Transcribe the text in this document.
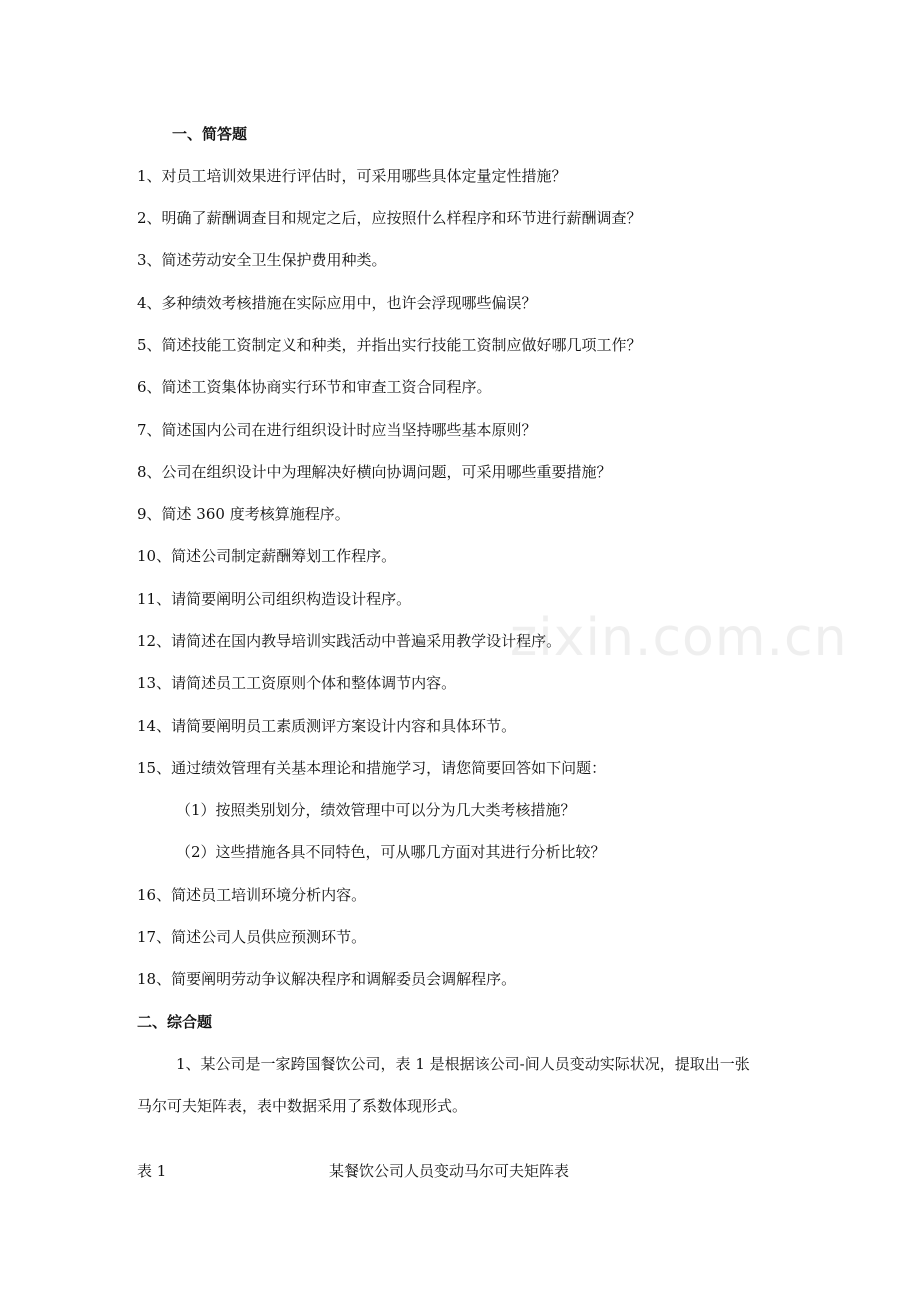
一、简答题
1、对员工培训效果进行评估时，可采用哪些具体定量定性措施？
2、明确了薪酬调查目和规定之后，应按照什么样程序和环节进行薪酬调查？
3、简述劳动安全卫生保护费用种类。
4、多种绩效考核措施在实际应用中，也许会浮现哪些偏误？
5、简述技能工资制定义和种类，并指出实行技能工资制应做好哪几项工作？
6、简述工资集体协商实行环节和审查工资合同程序。
7、简述国内公司在进行组织设计时应当坚持哪些基本原则？
8、公司在组织设计中为理解决好横向协调问题，可采用哪些重要措施？
9、简述 360 度考核算施程序。
10、简述公司制定薪酬筹划工作程序。
11、请简要阐明公司组织构造设计程序。
12、请简述在国内教导培训实践活动中普遍采用教学设计程序。
13、请简述员工工资原则个体和整体调节内容。
14、请简要阐明员工素质测评方案设计内容和具体环节。
15、通过绩效管理有关基本理论和措施学习，请您简要回答如下问题：
（1）按照类别划分，绩效管理中可以分为几大类考核措施？
（2）这些措施各具不同特色，可从哪几方面对其进行分析比较？
16、简述员工培训环境分析内容。
17、简述公司人员供应预测环节。
18、简要阐明劳动争议解决程序和调解委员会调解程序。
二、综合题
1、某公司是一家跨国餐饮公司，表 1 是根据该公司-间人员变动实际状况，提取出一张
马尔可夫矩阵表，表中数据采用了系数体现形式。
表 1	某餐饮公司人员变动马尔可夫矩阵表
zixin.com.cn
